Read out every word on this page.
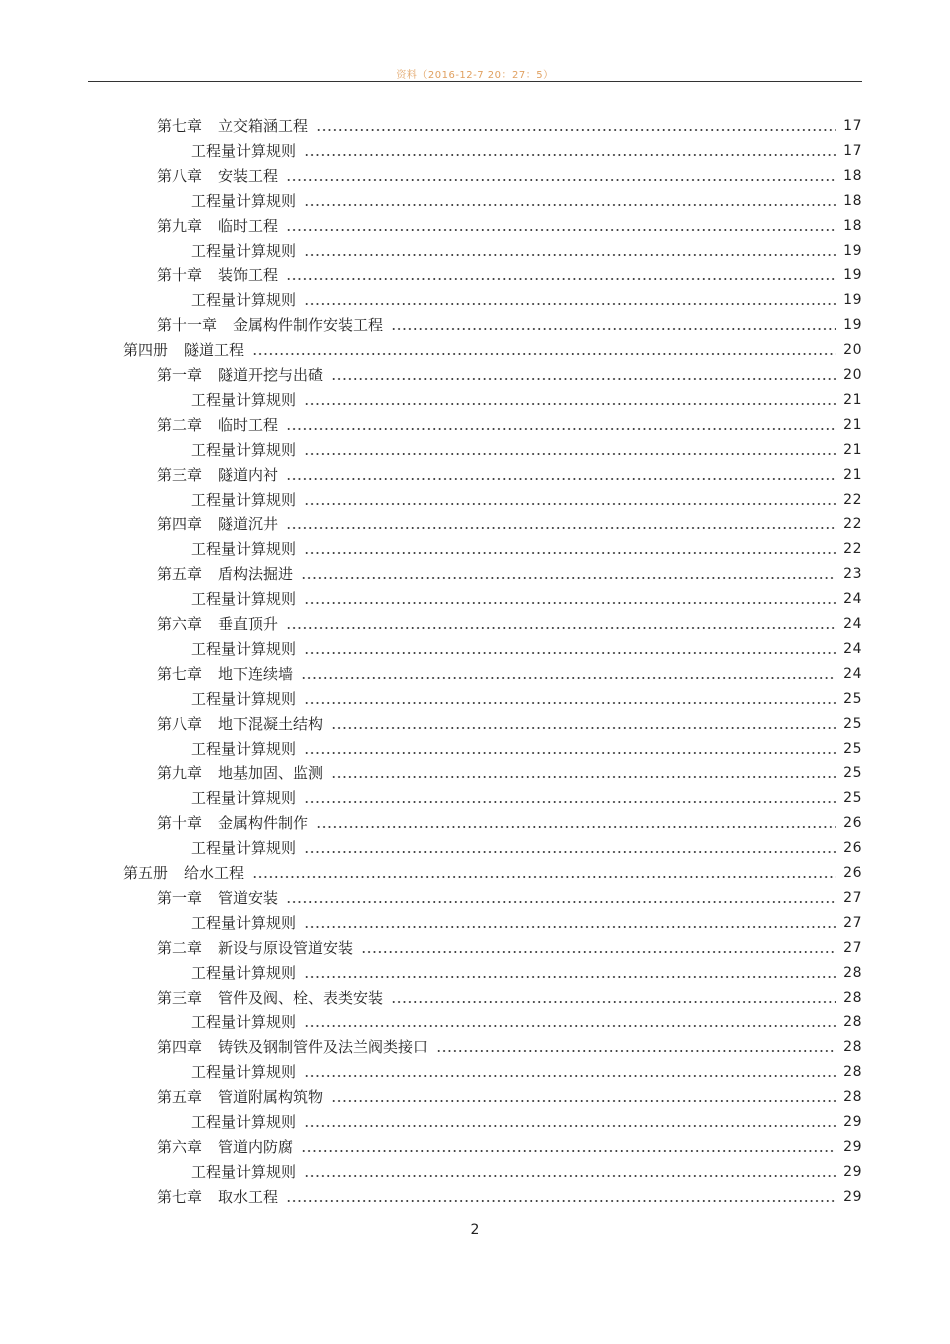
资料（2016-12-7 20：27：5）
第七章 立交箱涵工程	17
工程量计算规则	17
第八章 安装工程	18
工程量计算规则	18
第九章 临时工程	18
工程量计算规则	19
第十章 装饰工程	19
工程量计算规则	19
第十一章 金属构件制作安装工程	19
第四册 隧道工程	20
第一章 隧道开挖与出碴	20
工程量计算规则	21
第二章 临时工程	21
工程量计算规则	21
第三章 隧道内衬	21
工程量计算规则	22
第四章 隧道沉井	22
工程量计算规则	22
第五章 盾构法掘进	23
工程量计算规则	24
第六章 垂直顶升	24
工程量计算规则	24
第七章 地下连续墙	24
工程量计算规则	25
第八章 地下混凝土结构	25
工程量计算规则	25
第九章 地基加固、监测	25
工程量计算规则	25
第十章 金属构件制作	26
工程量计算规则	26
第五册 给水工程	26
第一章 管道安装	27
工程量计算规则	27
第二章 新设与原设管道安装	27
工程量计算规则	28
第三章 管件及阀、栓、表类安装	28
工程量计算规则	28
第四章 铸铁及钢制管件及法兰阀类接口	28
工程量计算规则	28
第五章 管道附属构筑物	28
工程量计算规则	29
第六章 管道内防腐	29
工程量计算规则	29
第七章 取水工程	29
2
